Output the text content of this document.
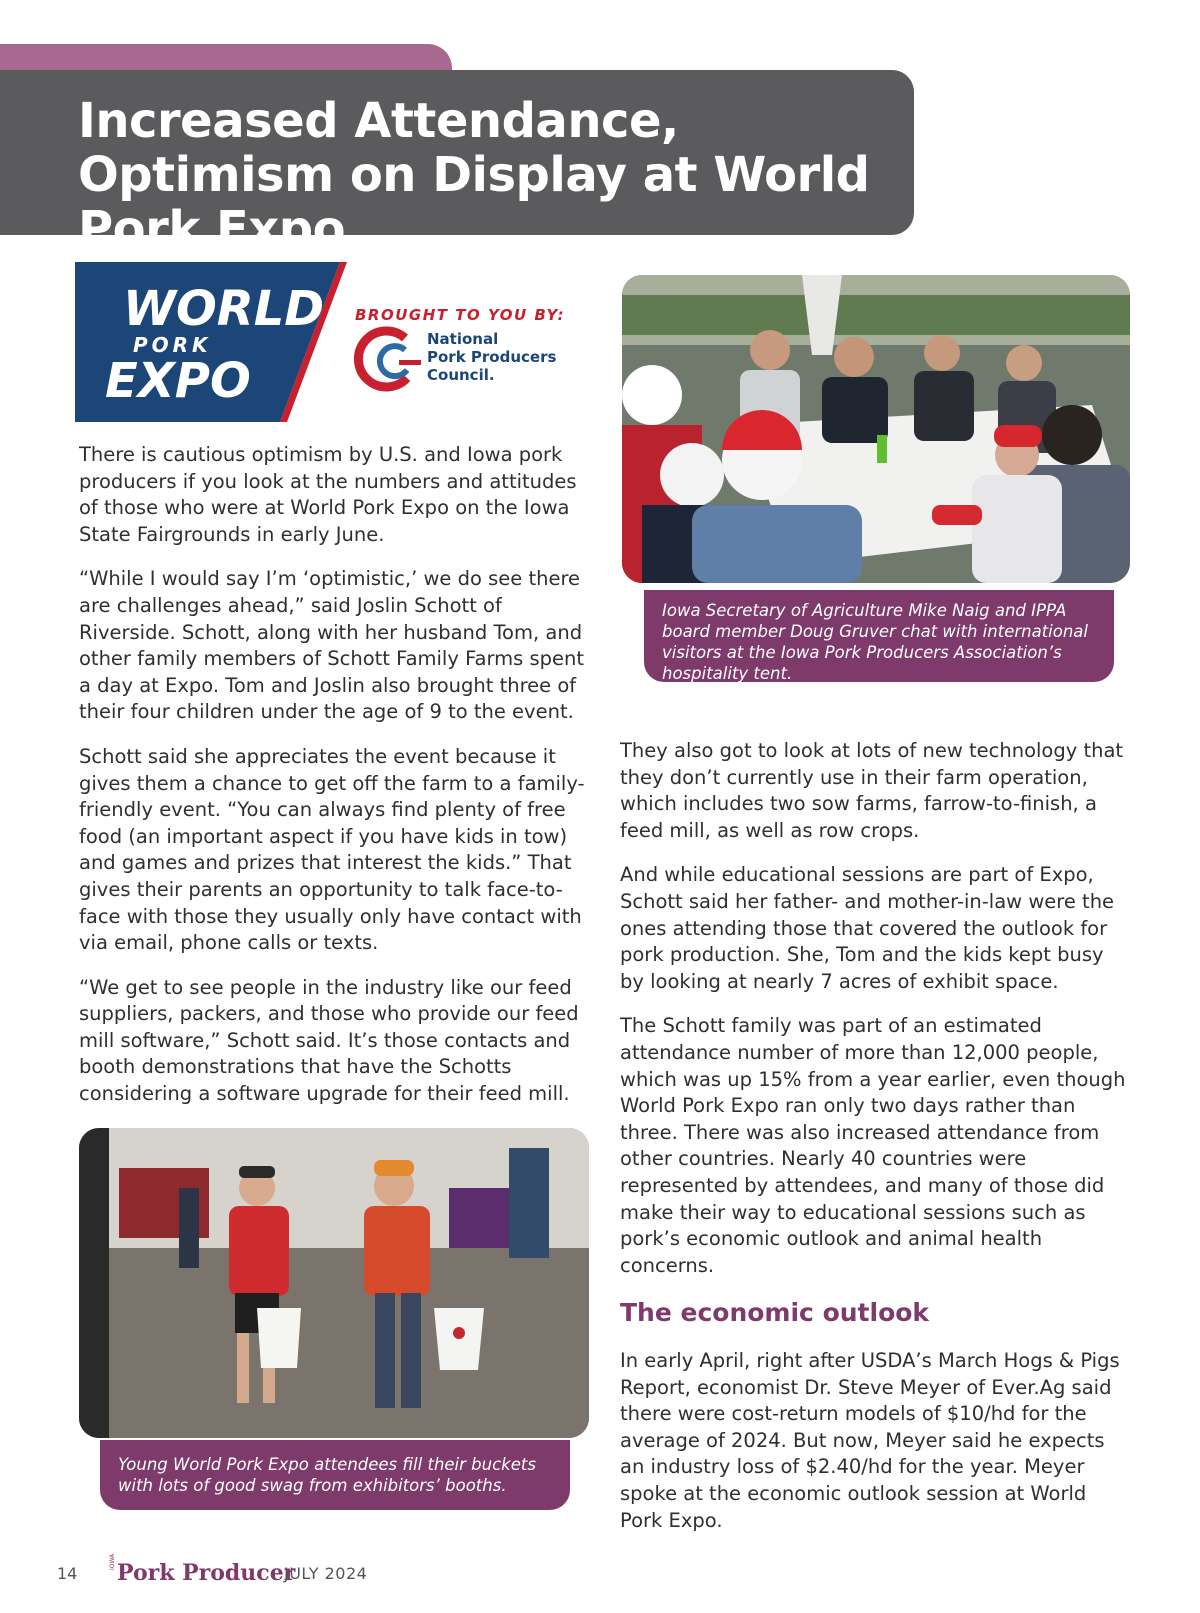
Increased Attendance, Optimism on Display at World Pork Expo
WORLD
PORK
EXPO
BROUGHT TO YOU BY:
National
Pork Producers
Council.

There is cautious optimism by U.S. and Iowa pork producers if you look at the numbers and attitudes of those who were at World Pork Expo on the Iowa State Fairgrounds in early June.

“While I would say I’m ‘optimistic,’ we do see there are challenges ahead,” said Joslin Schott of Riverside. Schott, along with her husband Tom, and other family members of Schott Family Farms spent a day at Expo. Tom and Joslin also brought three of their four children under the age of 9 to the event.

Schott said she appreciates the event because it gives them a chance to get off the farm to a family-friendly event. “You can always find plenty of free food (an important aspect if you have kids in tow) and games and prizes that interest the kids.” That gives their parents an opportunity to talk face-to-face with those they usually only have contact with via email, phone calls or texts.

“We get to see people in the industry like our feed suppliers, packers, and those who provide our feed mill software,” Schott said. It’s those contacts and booth demonstrations that have the Schotts considering a software upgrade for their feed mill.

Iowa Secretary of Agriculture Mike Naig and IPPA board member Doug Gruver chat with international visitors at the Iowa Pork Producers Association’s hospitality tent.

They also got to look at lots of new technology that they don’t currently use in their farm operation, which includes two sow farms, farrow-to-finish, a feed mill, as well as row crops.

And while educational sessions are part of Expo, Schott said her father- and mother-in-law were the ones attending those that covered the outlook for pork production. She, Tom and the kids kept busy by looking at nearly 7 acres of exhibit space.

The Schott family was part of an estimated attendance number of more than 12,000 people, which was up 15% from a year earlier, even though World Pork Expo ran only two days rather than three. There was also increased attendance from other countries. Nearly 40 countries were represented by attendees, and many of those did make their way to educational sessions such as pork’s economic outlook and animal health concerns.

The economic outlook

In early April, right after USDA’s March Hogs & Pigs Report, economist Dr. Steve Meyer of Ever.Ag said there were cost-return models of $10/hd for the average of 2024. But now, Meyer said he expects an industry loss of $2.40/hd for the year. Meyer spoke at the economic outlook session at World Pork Expo.

Young World Pork Expo attendees fill their buckets with lots of good swag from exhibitors’ booths.
14
IOWA Pork Producer
JULY 2024
